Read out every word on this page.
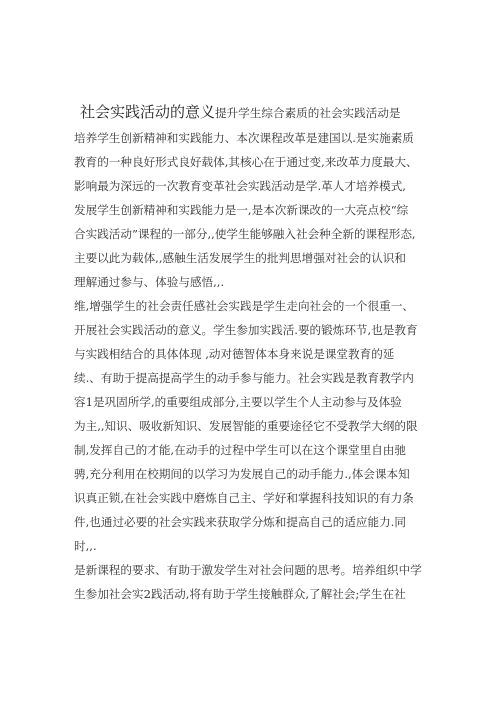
社会实践活动的意义提升学生综合素质的社会实践活动是

培养学生创新精神和实践能力、本次课程改革是建国以.是实施素质

教育的一种良好形式良好载体,其核心在于通过变,来改革力度最大、

影响最为深远的一次教育变革社会实践活动是学.革人才培养模式,

发展学生创新精神和实践能力是一,是本次新课改的一大亮点校“综

合实践活动”课程的一部分,,使学生能够融入社会种全新的课程形态,

主要以此为载体,,感触生活发展学生的批判思增强对社会的认识和

理解通过参与、体验与感悟,,.

维,增强学生的社会责任感社会实践是学生走向社会的一个很重一、

开展社会实践活动的意义。学生参加实践活.要的锻炼环节,也是教育

与实践相结合的具体体现 ,动对德智体本身来说是课堂教育的延

续.、有助于提高提高学生的动手参与能力。社会实践是教育教学内

容1是巩固所学,的重要组成部分,主要以学生个人主动参与及体验

为主,,知识、吸收新知识、发展智能的重要途径它不受教学大纲的限

制,发挥自己的才能,在动手的过程中学生可以在这个课堂里自由驰

骋,充分利用在校期间的以学习为发展自己的动手能力.,体会课本知

识真正锁,在社会实践中磨炼自己主、学好和掌握科技知识的有力条

件,也通过必要的社会实践来获取学分炼和提高自己的适应能力.同

时,,.

是新课程的要求、有助于激发学生对社会问题的思考。培养组织中学

生参加社会实2践活动,将有助于学生接触群众,了解社会;学生在社
